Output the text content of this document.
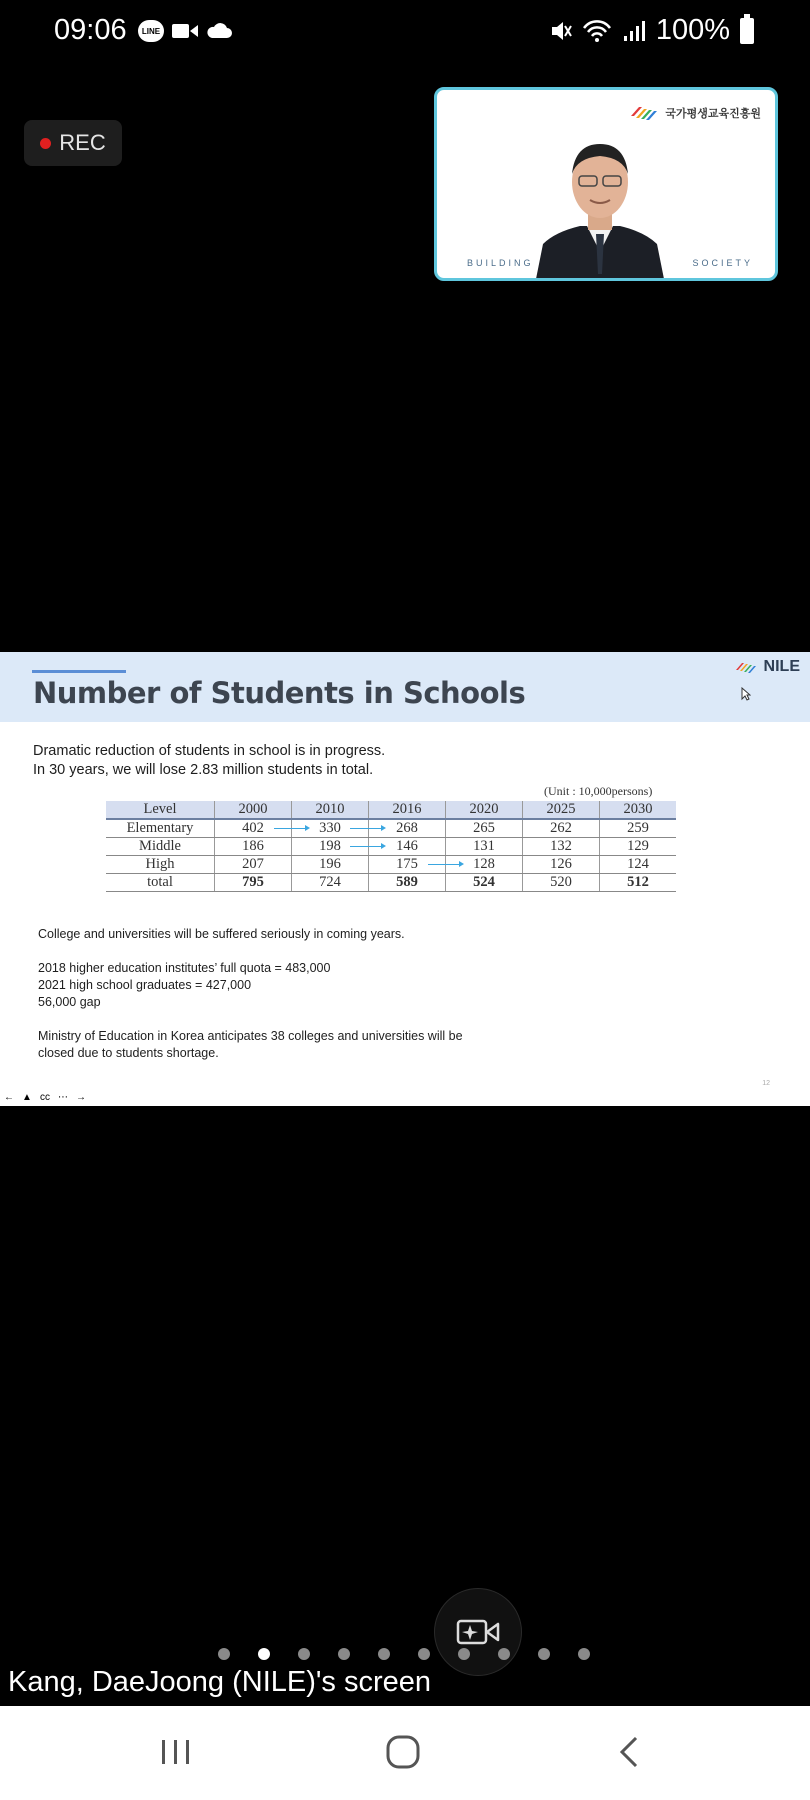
09:06	LINE	100%
REC
국가평생교육진흥원
BUILDING	SOCIETY
Number of Students in Schools
NILE
Dramatic reduction of students in school is in progress.
In 30 years, we will lose 2.83 million students in total.
(Unit : 10,000persons)
Level	2000	2010	2016	2020	2025	2030
Elementary	402	330	268	265	262	259
Middle	186	198	146	131	132	129
High	207	196	175	128	126	124
total	795	724	589	524	520	512
College and universities will be suffered seriously in coming years.
2018 higher education institutes’ full quota = 483,000
2021 high school graduates = 427,000
56,000 gap
Ministry of Education in Korea anticipates 38 colleges and universities will be
closed due to students shortage.
12
← ▲ cc ⋯ →
Kang, DaeJoong (NILE)'s screen
